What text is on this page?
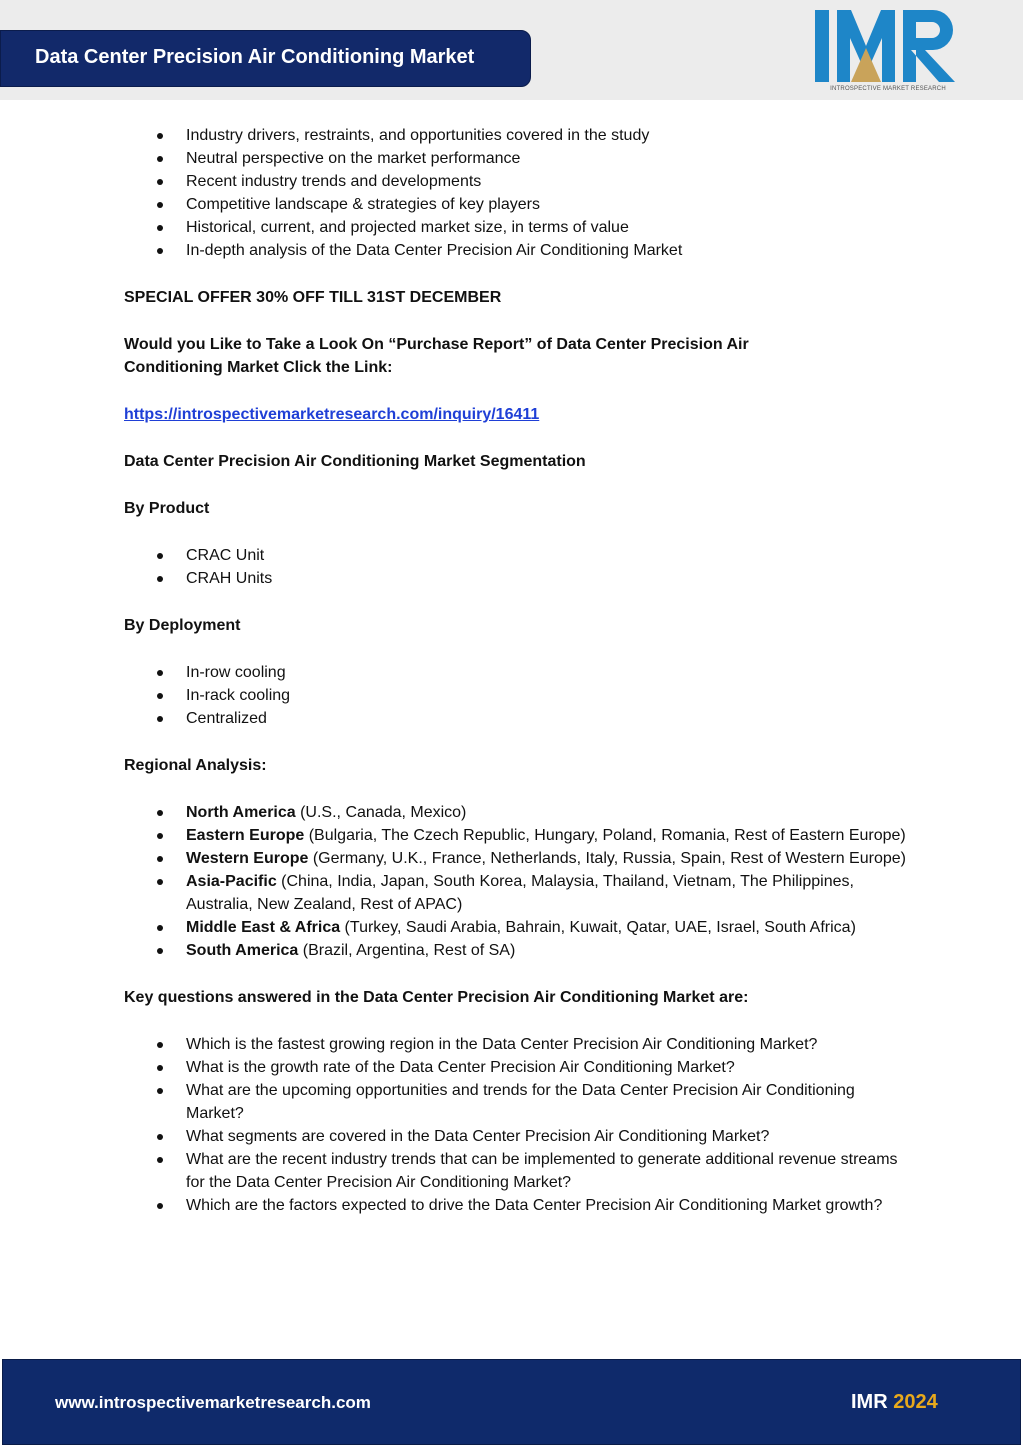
Data Center Precision Air Conditioning Market
INTROSPECTIVE MARKET RESEARCH
Industry drivers, restraints, and opportunities covered in the study
Neutral perspective on the market performance
Recent industry trends and developments
Competitive landscape & strategies of key players
Historical, current, and projected market size, in terms of value
In-depth analysis of the Data Center Precision Air Conditioning Market

SPECIAL OFFER 30% OFF TILL 31ST DECEMBER

Would you Like to Take a Look On “Purchase Report” of Data Center Precision Air Conditioning Market Click the Link:

https://introspectivemarketresearch.com/inquiry/16411

Data Center Precision Air Conditioning Market Segmentation

By Product

CRAC Unit
CRAH Units

By Deployment

In-row cooling
In-rack cooling
Centralized

Regional Analysis:

North America (U.S., Canada, Mexico)
Eastern Europe (Bulgaria, The Czech Republic, Hungary, Poland, Romania, Rest of Eastern Europe)
Western Europe (Germany, U.K., France, Netherlands, Italy, Russia, Spain, Rest of Western Europe)
Asia-Pacific (China, India, Japan, South Korea, Malaysia, Thailand, Vietnam, The Philippines, Australia, New Zealand, Rest of APAC)
Middle East & Africa (Turkey, Saudi Arabia, Bahrain, Kuwait, Qatar, UAE, Israel, South Africa)
South America (Brazil, Argentina, Rest of SA)

Key questions answered in the Data Center Precision Air Conditioning Market are:

Which is the fastest growing region in the Data Center Precision Air Conditioning Market?
What is the growth rate of the Data Center Precision Air Conditioning Market?
What are the upcoming opportunities and trends for the Data Center Precision Air Conditioning Market?
What segments are covered in the Data Center Precision Air Conditioning Market?
What are the recent industry trends that can be implemented to generate additional revenue streams for the Data Center Precision Air Conditioning Market?
Which are the factors expected to drive the Data Center Precision Air Conditioning Market growth?
www.introspectivemarketresearch.com	IMR 2024
